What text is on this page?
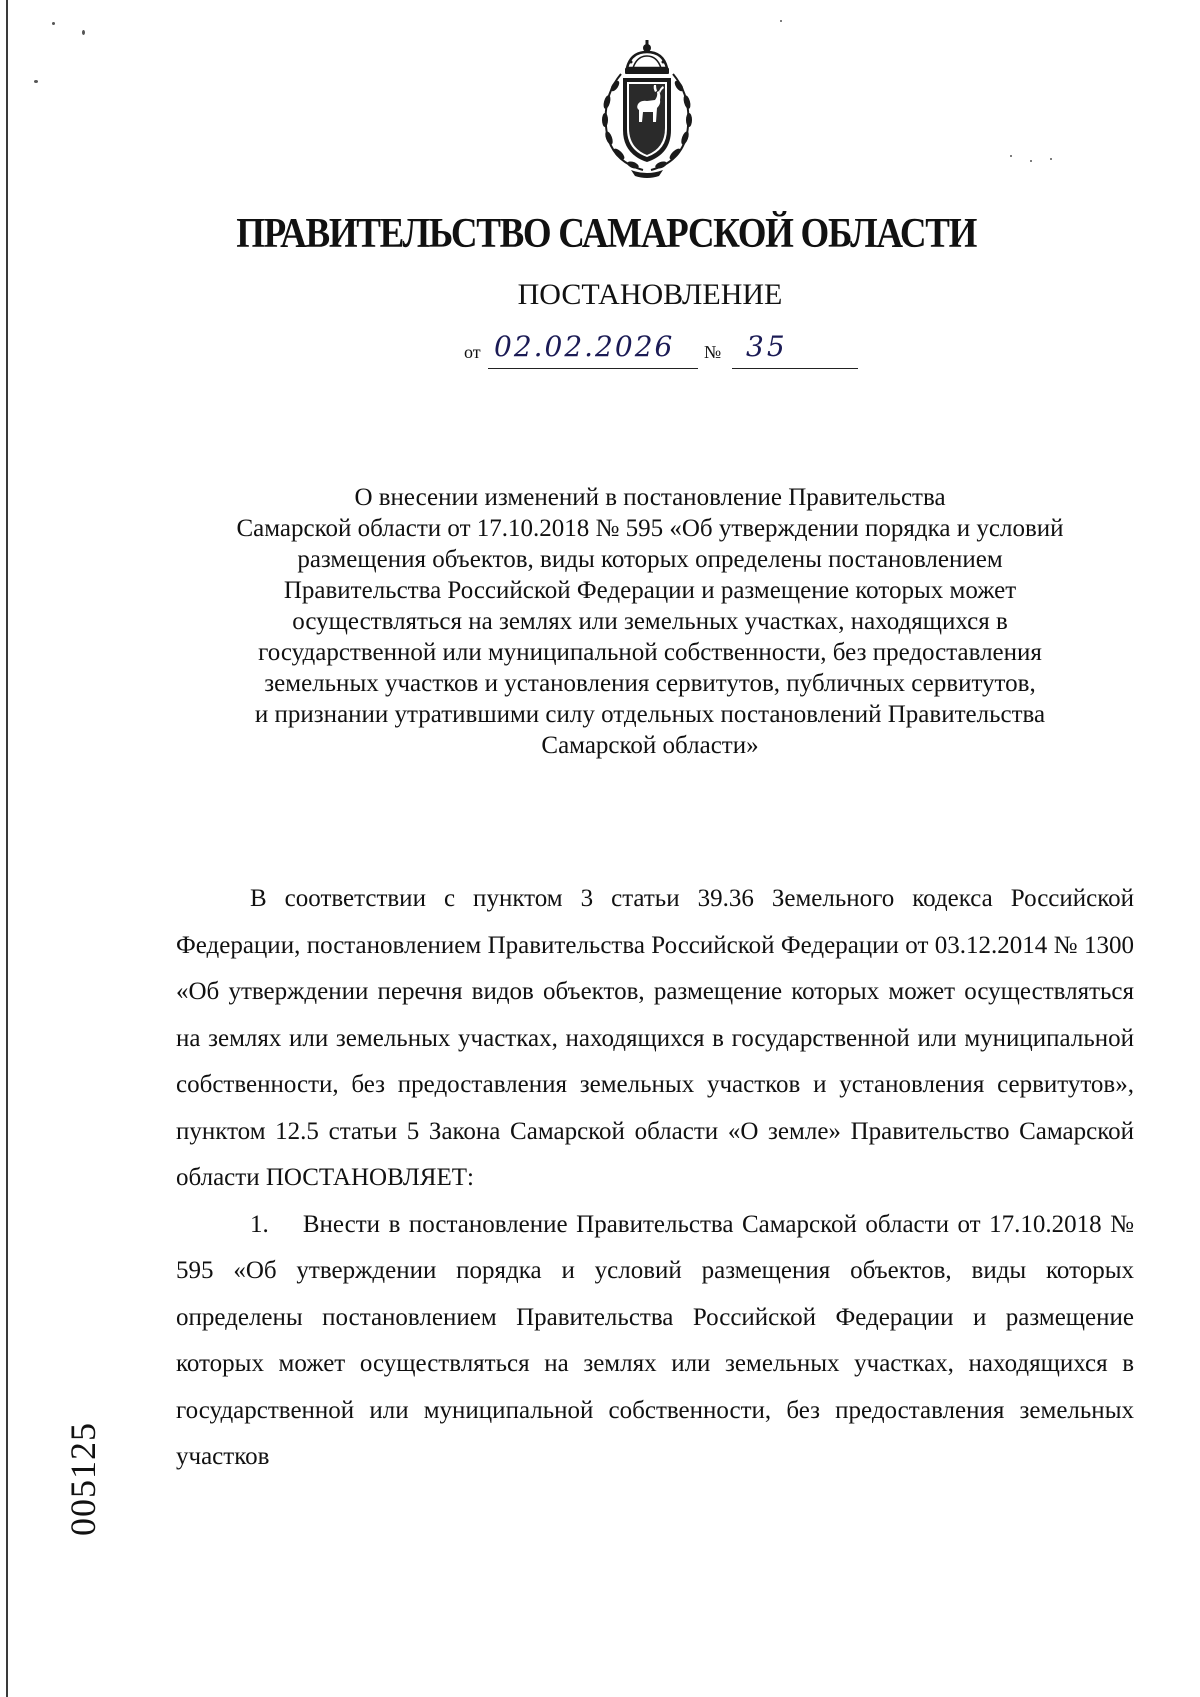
ПРАВИТЕЛЬСТВО САМАРСКОЙ ОБЛАСТИ
ПОСТАНОВЛЕНИЕ
от 02.02.2026 № 35
О внесении изменений в постановление Правительства
Самарской области от 17.10.2018 № 595 «Об утверждении порядка и условий
размещения объектов, виды которых определены постановлением
Правительства Российской Федерации и размещение которых может
осуществляться на землях или земельных участках, находящихся в
государственной или муниципальной собственности, без предоставления
земельных участков и установления сервитутов, публичных сервитутов,
и признании утратившими силу отдельных постановлений Правительства
Самарской области»

В соответствии с пунктом 3 статьи 39.36 Земельного кодекса Российской Федерации, постановлением Правительства Российской Федерации от 03.12.2014 № 1300 «Об утверждении перечня видов объектов, размещение которых может осуществляться на землях или земельных участках, находящихся в государственной или муниципальной собственности, без предоставления земельных участков и установления сервитутов», пунктом 12.5 статьи 5 Закона Самарской области «О земле» Правительство Самарской области ПОСТАНОВЛЯЕТ:

1.    Внести в постановление Правительства Самарской области от 17.10.2018 № 595 «Об утверждении порядка и условий размещения объектов, виды которых определены постановлением Правительства Российской Федерации и размещение которых может осуществляться на землях или земельных участках, находящихся в государственной или муниципальной собственности, без предоставления земельных участков

005125
